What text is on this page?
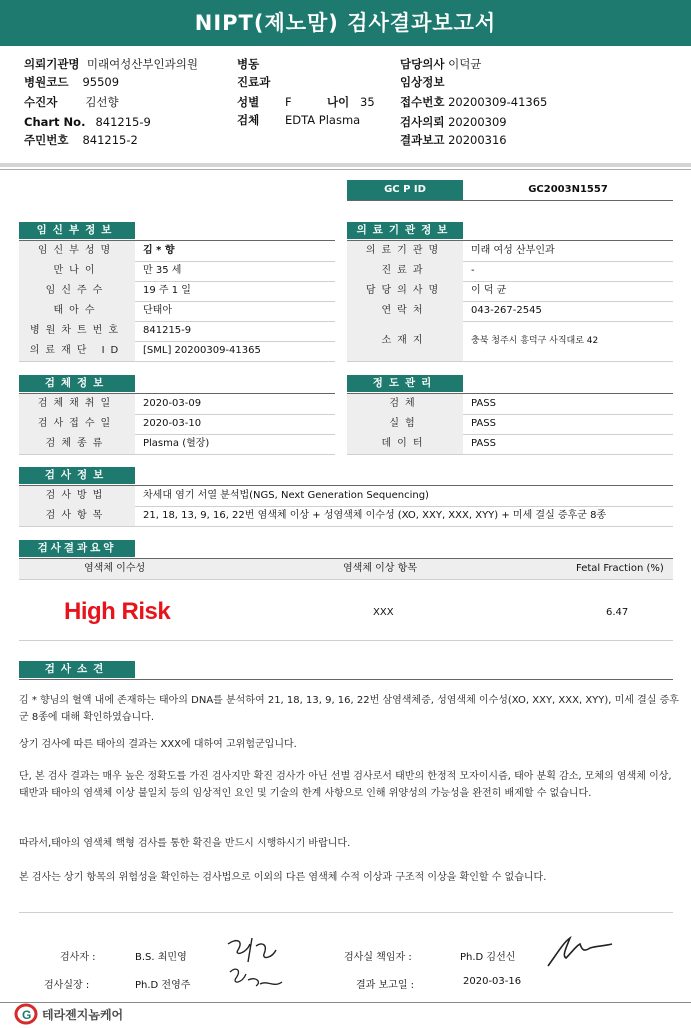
NIPT(제노맘) 검사결과보고서
의뢰기관명 미래여성산부인과의원
병원코드 95509
수진자 김선향
Chart No. 841215-9
주민번호 841215-2
병동
진료과
성별 F	나이 35
검체 EDTA Plasma
담당의사 이덕균
임상정보
접수번호 20200309-41365
검사의뢰 20200309
결과보고 20200316
GC P ID	GC2003N1557
임신부정보	의료기관정보
검체정보	정도관리
검사정보
검사결과요약
염색체 이수성	염색체 이상 항목	Fetal Fraction (%)
High Risk	XXX	6.47
검사소견
김 * 향님의 혈액 내에 존재하는 태아의 DNA를 분석하여 21, 18, 13, 9, 16, 22번 삼염색체증, 성염색체 이수성(XO, XXY, XXX, XYY), 미세 결실 증후군 8종에 대해 확인하였습니다.
상기 검사에 따른 태아의 결과는 XXX에 대하여 고위험군입니다.
단, 본 검사 결과는 매우 높은 정확도를 가진 검사지만 확진 검사가 아닌 선별 검사로서 태반의 한정적 모자이시즘, 태아 분획 감소, 모체의 염색체 이상, 태반과 태아의 염색체 이상 불일치 등의 임상적인 요인 및 기술의 한계 사항으로 인해 위양성의 가능성을 완전히 배제할 수 없습니다.
따라서,태아의 염색체 핵형 검사를 통한 확진을 반드시 시행하시기 바랍니다.
본 검사는 상기 항목의 위험성을 확인하는 검사법으로 이외의 다른 염색체 수적 이상과 구조적 이상을 확인할 수 없습니다.
검사자 :	B.S. 최민영	검사실 책임자 :	Ph.D 김선신
검사실장 :	Ph.D 전영주	결과 보고일 :	2020-03-16
G 테라젠지놈케어
임신부성명	김 * 향
만나이	만 35 세
임신주수	19 주 1 일
태아수	단태아
병원차트번호	841215-9
의료재단 ID	[SML] 20200309-41365
의료기관명	미래 여성 산부인과
진료과	-
담당의사명	이 덕 균
연락처	043-267-2545
소재지	충북 청주시 흥덕구 사직대로 42
검체채취일	2020-03-09
검사접수일	2020-03-10
검체종류	Plasma (혈장)
검체	PASS
실험	PASS
데이터	PASS
검사방법	차세대 염기 서열 분석법(NGS, Next Generation Sequencing)
검사항목	21, 18, 13, 9, 16, 22번 염색체 이상 + 성염색체 이수성 (XO, XXY, XXX, XYY) + 미세 결실 증후군 8종
